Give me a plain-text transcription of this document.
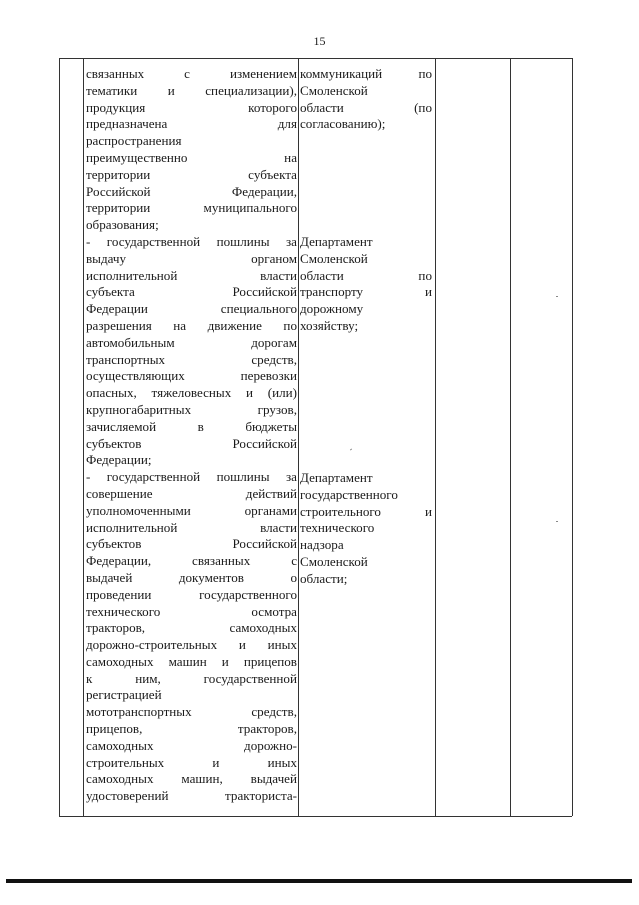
15
связанных с изменением
тематики и специализации),
продукция которого
предназначена для
распространения
преимущественно на
территории субъекта
Российской Федерации,
территории муниципального
образования;
- государственной пошлины за
выдачу органом
исполнительной власти
субъекта Российской
Федерации специального
разрешения на движение по
автомобильным дорогам
транспортных средств,
осуществляющих перевозки
опасных, тяжеловесных и (или)
крупногабаритных грузов,
зачисляемой в бюджеты
субъектов Российской
Федерации;
- государственной пошлины за
совершение действий
уполномоченными органами
исполнительной власти
субъектов Российской
Федерации, связанных с
выдачей документов о
проведении государственного
технического осмотра
тракторов, самоходных
дорожно-строительных и иных
самоходных машин и прицепов
к ним, государственной
регистрацией
мототранспортных средств,
прицепов, тракторов,
самоходных дорожно-
строительных и иных
самоходных машин, выдачей
удостоверений тракториста-
коммуникаций по
Смоленской
области (по
согласованию);
Департамент
Смоленской
области по
транспорту и
дорожному
хозяйству;
Департамент
государственного
строительного и
технического
надзора
Смоленской
области;
